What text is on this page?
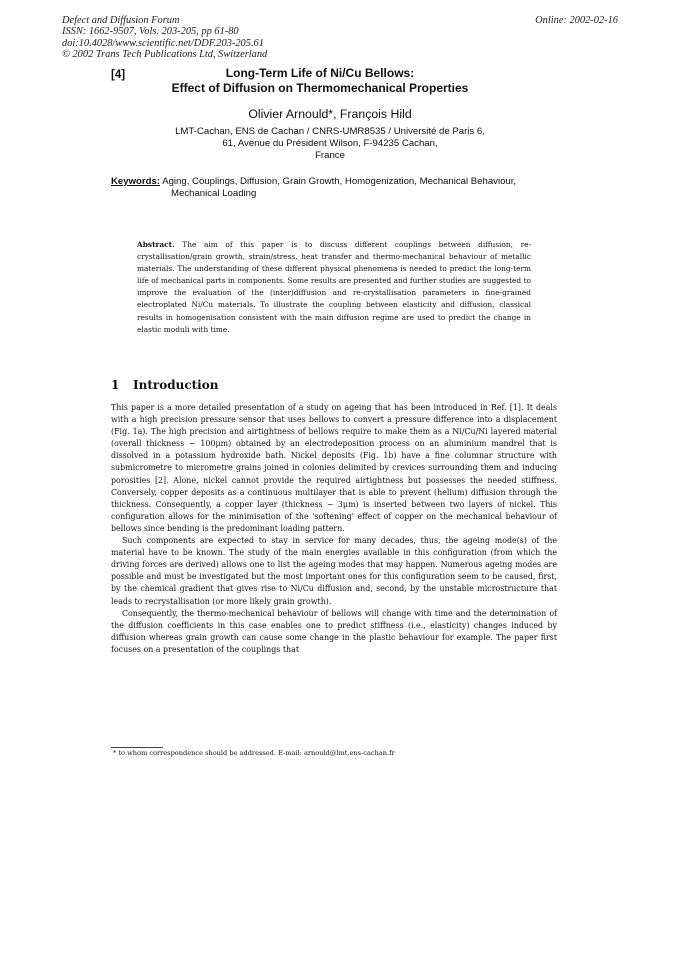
Defect and Diffusion Forum
ISSN: 1662-9507, Vols. 203-205, pp 61-80
doi:10.4028/www.scientific.net/DDF.203-205.61
© 2002 Trans Tech Publications Ltd, Switzerland
Online: 2002-02-16
[4]	Long-Term Life of Ni/Cu Bellows:
Effect of Diffusion on Thermomechanical Properties
Olivier Arnould*, François Hild
LMT-Cachan, ENS de Cachan / CNRS-UMR8535 / Université de Paris 6,
61, Avenue du Président Wilson, F-94235 Cachan,
France
Keywords: Aging, Couplings, Diffusion, Grain Growth, Homogenization, Mechanical Behaviour,
Mechanical Loading
Abstract. The aim of this paper is to discuss different couplings between diffusion, re-crystallisation/grain growth, strain/stress, heat transfer and thermo-mechanical behaviour of metallic materials. The understanding of these different physical phenomena is needed to predict the long-term life of mechanical parts in components. Some results are presented and further studies are suggested to improve the evaluation of the (inter)diffusion and re-crystallisation parameters in fine-grained electroplated Ni/Cu materials. To illustrate the coupling between elasticity and diffusion, classical results in homogenisation consistent with the main diffusion regime are used to predict the change in elastic moduli with time.
1 Introduction

This paper is a more detailed presentation of a study on ageing that has been introduced in Ref. [1]. It deals with a high precision pressure sensor that uses bellows to convert a pressure difference into a displacement (Fig. 1a). The high precision and airtightness of bellows require to make them as a Ni/Cu/Ni layered material (overall thickness ~ 100μm) obtained by an electrodeposition process on an aluminium mandrel that is dissolved in a potassium hydroxide bath. Nickel deposits (Fig. 1b) have a fine columnar structure with submicrometre to micrometre grains joined in colonies delimited by crevices surrounding them and inducing porosities [2]. Alone, nickel cannot provide the required airtightness but possesses the needed stiffness. Conversely, copper deposits as a continuous multilayer that is able to prevent (helium) diffusion through the thickness. Consequently, a copper layer (thickness ~ 3μm) is inserted between two layers of nickel. This configuration allows for the minimisation of the 'softening' effect of copper on the mechanical behaviour of bellows since bending is the predominant loading pattern.

Such components are expected to stay in service for many decades, thus, the ageing mode(s) of the material have to be known. The study of the main energies available in this configuration (from which the driving forces are derived) allows one to list the ageing modes that may happen. Numerous ageing modes are possible and must be investigated but the most important ones for this configuration seem to be caused, first, by the chemical gradient that gives rise to Ni/Cu diffusion and, second, by the unstable microstructure that leads to recrystallisation (or more likely grain growth).

Consequently, the thermo-mechanical behaviour of bellows will change with time and the determination of the diffusion coefficients in this case enables one to predict stiffness (i.e., elasticity) changes induced by diffusion whereas grain growth can cause some change in the plastic behaviour for example. The paper first focuses on a presentation of the couplings that

* to whom correspondence should be addressed. E-mail: arnould@lmt.ens-cachan.fr
